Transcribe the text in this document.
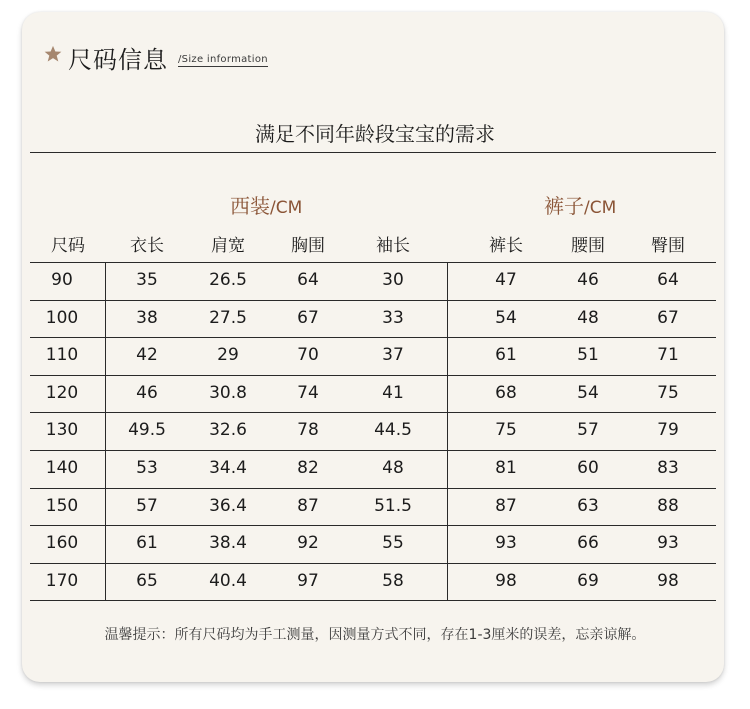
尺码信息 /Size information
满足不同年龄段宝宝的需求
西装/CM	裤子/CM
尺码	衣长	肩宽	胸围	袖长	裤长	腰围	臀围
90	35	26.5	64	30	47	46	64
100	38	27.5	67	33	54	48	67
110	42	29	70	37	61	51	71
120	46	30.8	74	41	68	54	75
130	49.5	32.6	78	44.5	75	57	79
140	53	34.4	82	48	81	60	83
150	57	36.4	87	51.5	87	63	88
160	61	38.4	92	55	93	66	93
170	65	40.4	97	58	98	69	98
温馨提示：所有尺码均为手工测量，因测量方式不同，存在1-3厘米的误差，忘亲谅解。
